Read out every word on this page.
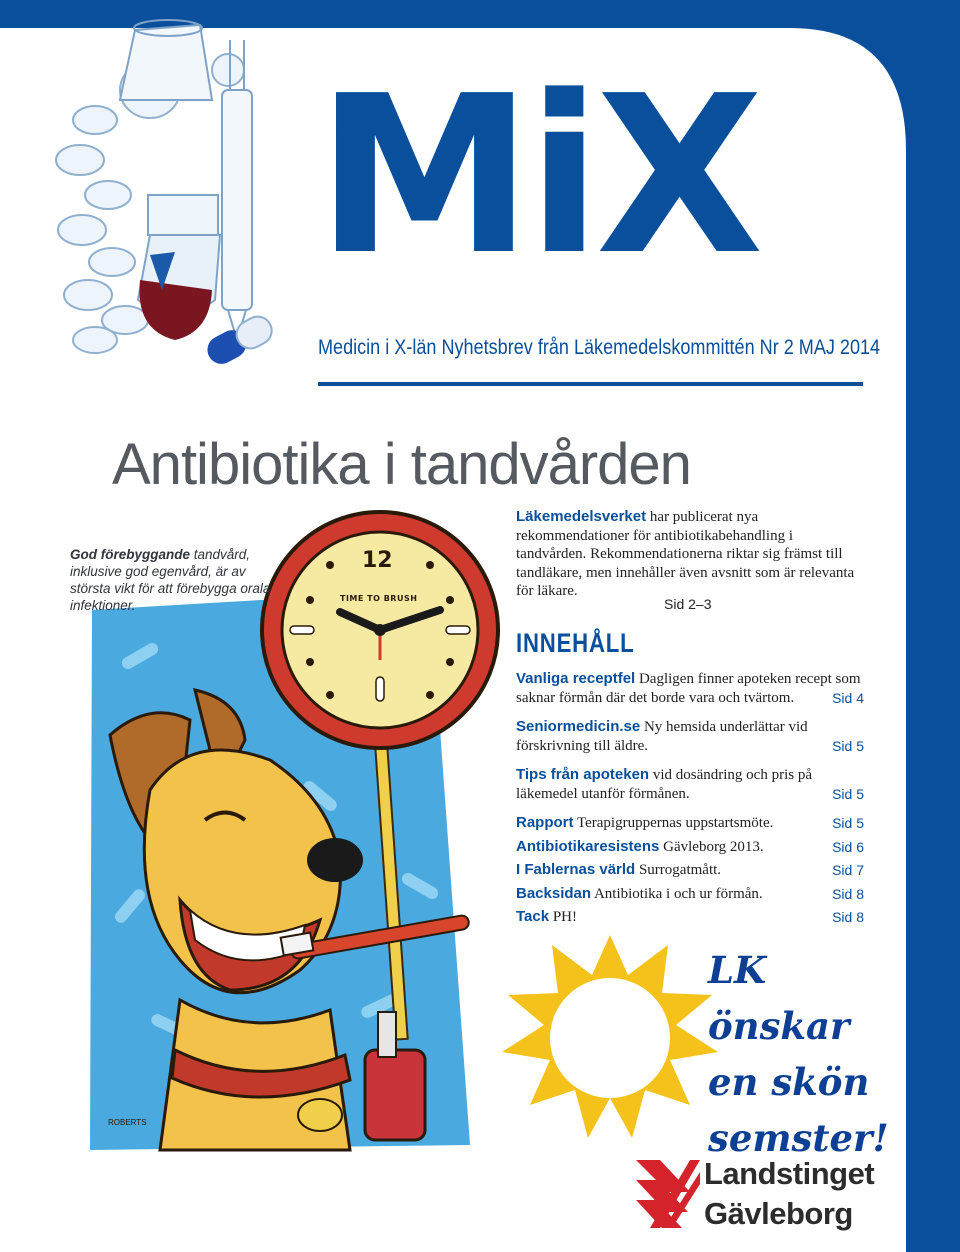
12
TIME TO BRUSH
ROBERTS
MiX
Medicin i X-län Nyhetsbrev från Läkemedelskommittén Nr 2 MAJ 2014
Antibiotika i tandvården
God förebyggande tandvård, inklusive god egenvård, är av största vikt för att förebygga orala infektioner.

Läkemedelsverket har publicerat nya rekommendationer för antibiotikabehandling i tandvården. Rekommendationerna riktar sig främst till tandläkare, men innehåller även avsnitt som är relevanta för läkare.

Sid 2–3
INNEHÅLL
Vanliga receptfel Dagligen finner apoteken recept som saknar förmån där det borde vara och tvärtom.	Sid 4
Seniormedicin.se Ny hemsida underlättar vid förskrivning till äldre.	Sid 5
Tips från apoteken vid dosändring och pris på läkemedel utanför förmånen.	Sid 5
Rapport Terapigruppernas uppstartsmöte.	Sid 5
Antibiotikaresistens Gävleborg 2013.	Sid 6
I Fablernas värld Surrogatmått.	Sid 7
Backsidan Antibiotika i och ur förmån.	Sid 8
Tack PH!	Sid 8
LK
önskar
en skön
semster!
Landstinget
Gävleborg
